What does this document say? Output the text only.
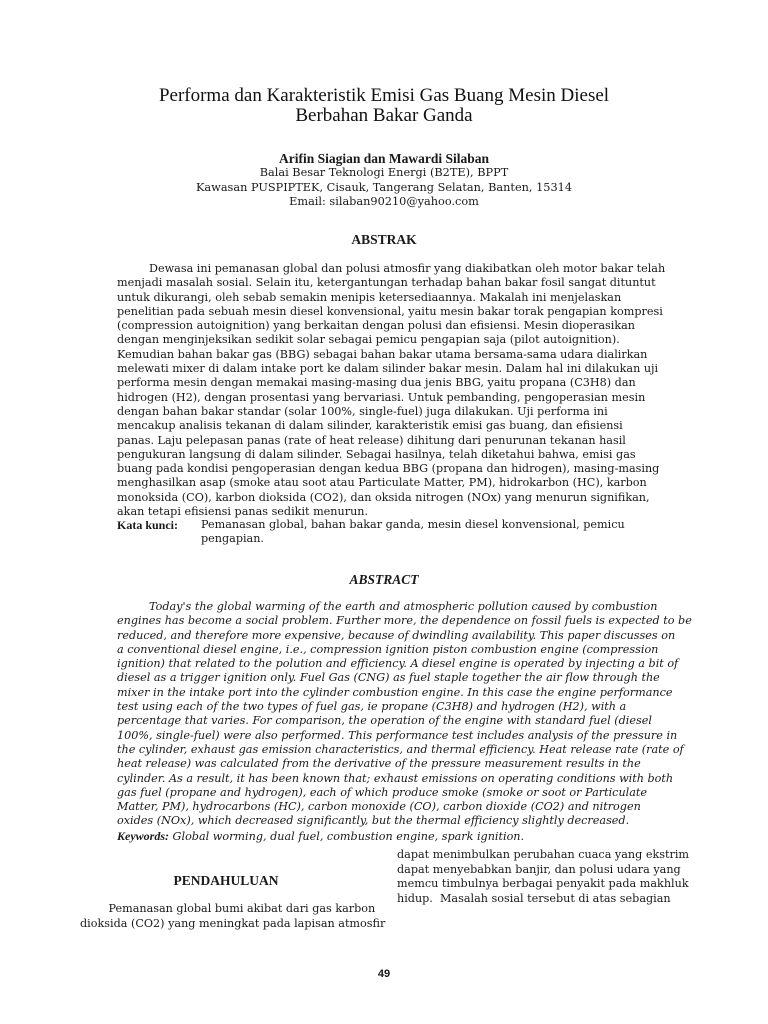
Performa dan Karakteristik Emisi Gas Buang Mesin Diesel
Berbahan Bakar Ganda
Arifin Siagian dan Mawardi Silaban
Balai Besar Teknologi Energi (B2TE), BPPT
Kawasan PUSPIPTEK, Cisauk, Tangerang Selatan, Banten, 15314
Email: silaban90210@yahoo.com
ABSTRAK
Dewasa ini pemanasan global dan polusi atmosfir yang diakibatkan oleh motor bakar telah
menjadi masalah sosial. Selain itu, ketergantungan terhadap bahan bakar fosil sangat dituntut
untuk dikurangi, oleh sebab semakin menipis ketersediaannya. Makalah ini menjelaskan
penelitian pada sebuah mesin diesel konvensional, yaitu mesin bakar torak pengapian kompresi
(compression autoignition) yang berkaitan dengan polusi dan efisiensi. Mesin dioperasikan
dengan menginjeksikan sedikit solar sebagai pemicu pengapian saja (pilot autoignition).
Kemudian bahan bakar gas (BBG) sebagai bahan bakar utama bersama-sama udara dialirkan
melewati mixer di dalam intake port ke dalam silinder bakar mesin. Dalam hal ini dilakukan uji
performa mesin dengan memakai masing-masing dua jenis BBG, yaitu propana (C3H8) dan
hidrogen (H2), dengan prosentasi yang bervariasi. Untuk pembanding, pengoperasian mesin
dengan bahan bakar standar (solar 100%, single-fuel) juga dilakukan. Uji performa ini
mencakup analisis tekanan di dalam silinder, karakteristik emisi gas buang, dan efisiensi
panas. Laju pelepasan panas (rate of heat release) dihitung dari penurunan tekanan hasil
pengukuran langsung di dalam silinder. Sebagai hasilnya, telah diketahui bahwa, emisi gas
buang pada kondisi pengoperasian dengan kedua BBG (propana dan hidrogen), masing-masing
menghasilkan asap (smoke atau soot atau Particulate Matter, PM), hidrokarbon (HC), karbon
monoksida (CO), karbon dioksida (CO2), dan oksida nitrogen (NOx) yang menurun signifikan,
akan tetapi efisiensi panas sedikit menurun.
Kata kunci: Pemanasan global, bahan bakar ganda, mesin diesel konvensional, pemicu
pengapian.
ABSTRACT
Today's the global warming of the earth and atmospheric pollution caused by combustion
engines has become a social problem. Further more, the dependence on fossil fuels is expected to be
reduced, and therefore more expensive, because of dwindling availability. This paper discusses on
a conventional diesel engine, i.e., compression ignition piston combustion engine (compression
ignition) that related to the polution and efficiency. A diesel engine is operated by injecting a bit of
diesel as a trigger ignition only. Fuel Gas (CNG) as fuel staple together the air flow through the
mixer in the intake port into the cylinder combustion engine. In this case the engine performance
test using each of the two types of fuel gas, ie propane (C3H8) and hydrogen (H2), with a
percentage that varies. For comparison, the operation of the engine with standard fuel (diesel
100%, single-fuel) were also performed. This performance test includes analysis of the pressure in
the cylinder, exhaust gas emission characteristics, and thermal efficiency. Heat release rate (rate of
heat release) was calculated from the derivative of the pressure measurement results in the
cylinder. As a result, it has been known that; exhaust emissions on operating conditions with both
gas fuel (propane and hydrogen), each of which produce smoke (smoke or soot or Particulate
Matter, PM), hydrocarbons (HC), carbon monoxide (CO), carbon dioxide (CO2) and nitrogen
oxides (NOx), which decreased significantly, but the thermal efficiency slightly decreased.
Keywords: Global worming, dual fuel, combustion engine, spark ignition.
PENDAHULUAN
Pemanasan global bumi akibat dari gas karbon
dioksida (CO2) yang meningkat pada lapisan atmosfir
dapat menimbulkan perubahan cuaca yang ekstrim
dapat menyebabkan banjir, dan polusi udara yang
memcu timbulnya berbagai penyakit pada makhluk
hidup.  Masalah sosial tersebut di atas sebagian
49
